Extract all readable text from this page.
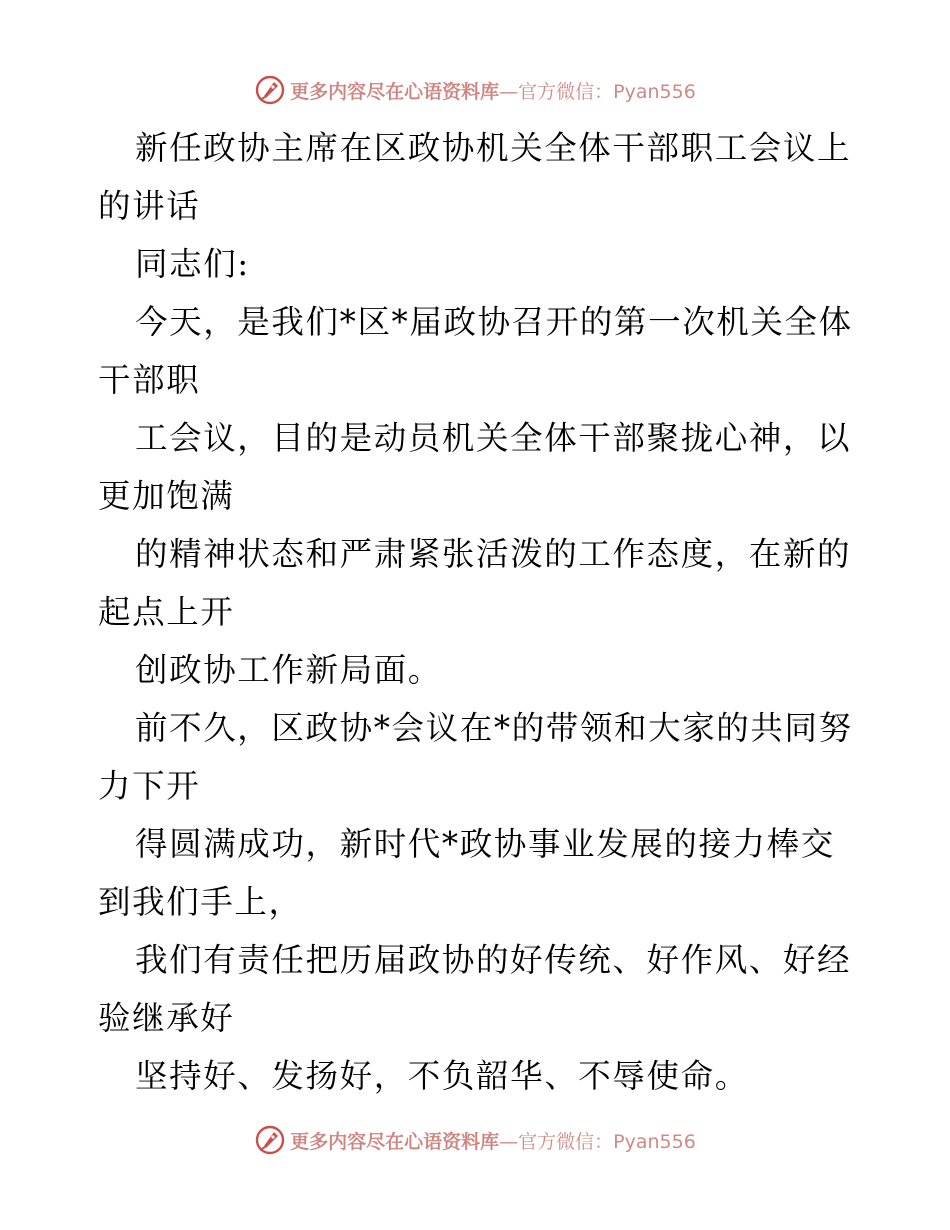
更多内容尽在心语资料库—官方微信：Pyan556
新任政协主席在区政协机关全体干部职工会议上
的讲话
同志们:
今天，是我们*区*届政协召开的第一次机关全体
干部职
工会议，目的是动员机关全体干部聚拢心神，以
更加饱满
的精神状态和严肃紧张活泼的工作态度，在新的
起点上开
创政协工作新局面。
前不久，区政协*会议在*的带领和大家的共同努
力下开
得圆满成功，新时代*政协事业发展的接力棒交
到我们手上，
我们有责任把历届政协的好传统、好作风、好经
验继承好
坚持好、发扬好，不负韶华、不辱使命。
更多内容尽在心语资料库—官方微信：Pyan556
